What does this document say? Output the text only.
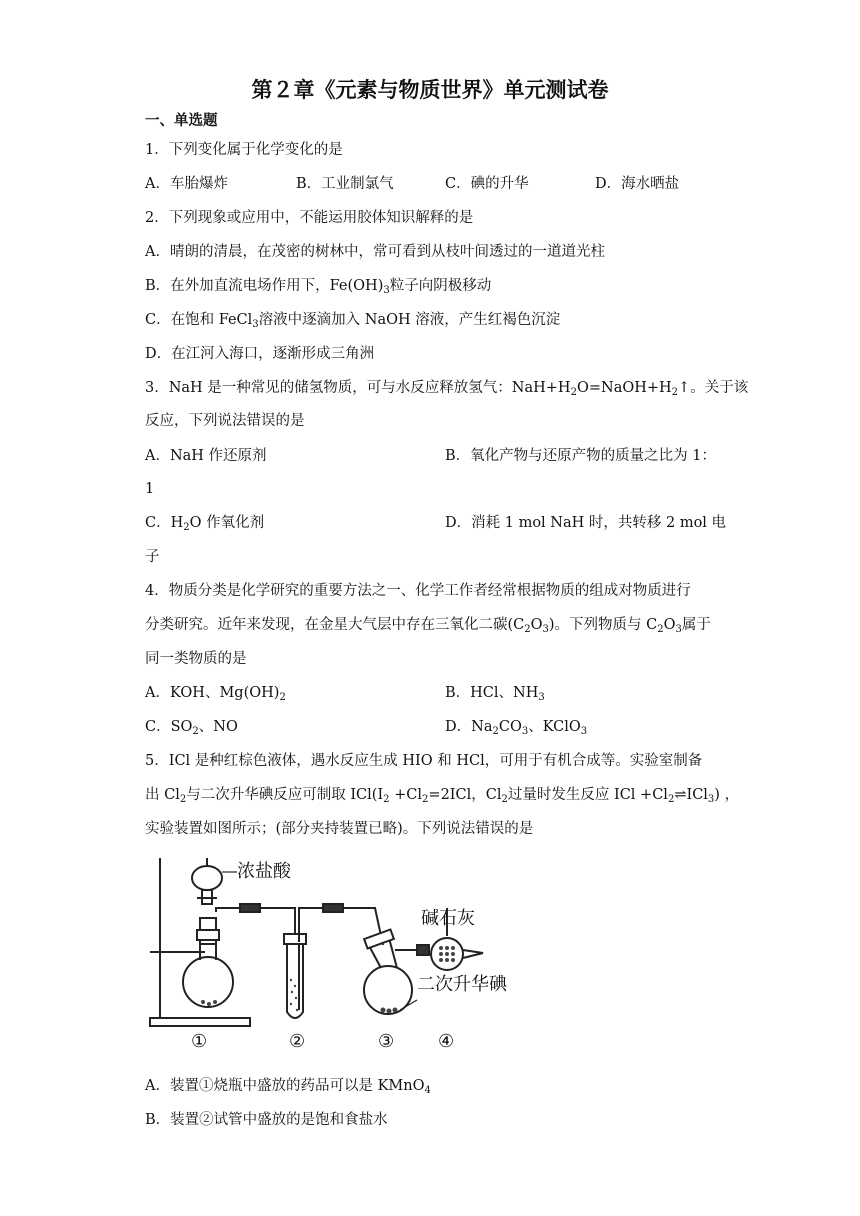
第２章《元素与物质世界》单元测试卷
一、单选题
1．下列变化属于化学变化的是
A．车胎爆炸	B．工业制氯气	C．碘的升华	D．海水晒盐
2．下列现象或应用中，不能运用胶体知识解释的是
A．晴朗的清晨，在茂密的树林中，常可看到从枝叶间透过的一道道光柱
B．在外加直流电场作用下，$Fe(OH)_3$粒子向阴极移动
C．在饱和 FeCl$_3$溶液中逐滴加入 NaOH 溶液，产生红褐色沉淀
D．在江河入海口，逐渐形成三角洲
3．NaH 是一种常见的储氢物质，可与水反应释放氢气：$NaH+H_2O=NaOH+H_2↑$。关于该
反应，下列说法错误的是
A．NaH 作还原剂	B．氧化产物与还原产物的质量之比为 1：
1
C．$H_2O$ 作氧化剂	D．消耗 1 mol NaH 时，共转移 2 mol 电
子
4．物质分类是化学研究的重要方法之一、化学工作者经常根据物质的组成对物质进行
分类研究。近年来发现，在金星大气层中存在三氧化二碳$(C_2O_3)$。下列物质与 $C_2O_3$属于
同一类物质的是
A．KOH、$Mg(OH)_2$	B．HCl、$NH_3$
C．$SO_2$、NO	D．$Na_2CO_3$、KClO$_3$
5．ICl 是种红棕色液体，遇水反应生成 HIO 和 HCl，可用于有机合成等。实验室制备
出 $Cl_2$与二次升华碘反应可制取 $ICl(I_2 +Cl_2=2ICl$，$Cl_2$过量时发生反应 ICl $+Cl_2\rightleftharpoons ICl_3$) ，
实验装置如图所示；(部分夹持装置已略)。下列说法错误的是
浓盐酸
碱石灰
二次升华碘
①	②	③ ④
A．装置①烧瓶中盛放的药品可以是 KMnO$_4$
B．装置②试管中盛放的是饱和食盐水
